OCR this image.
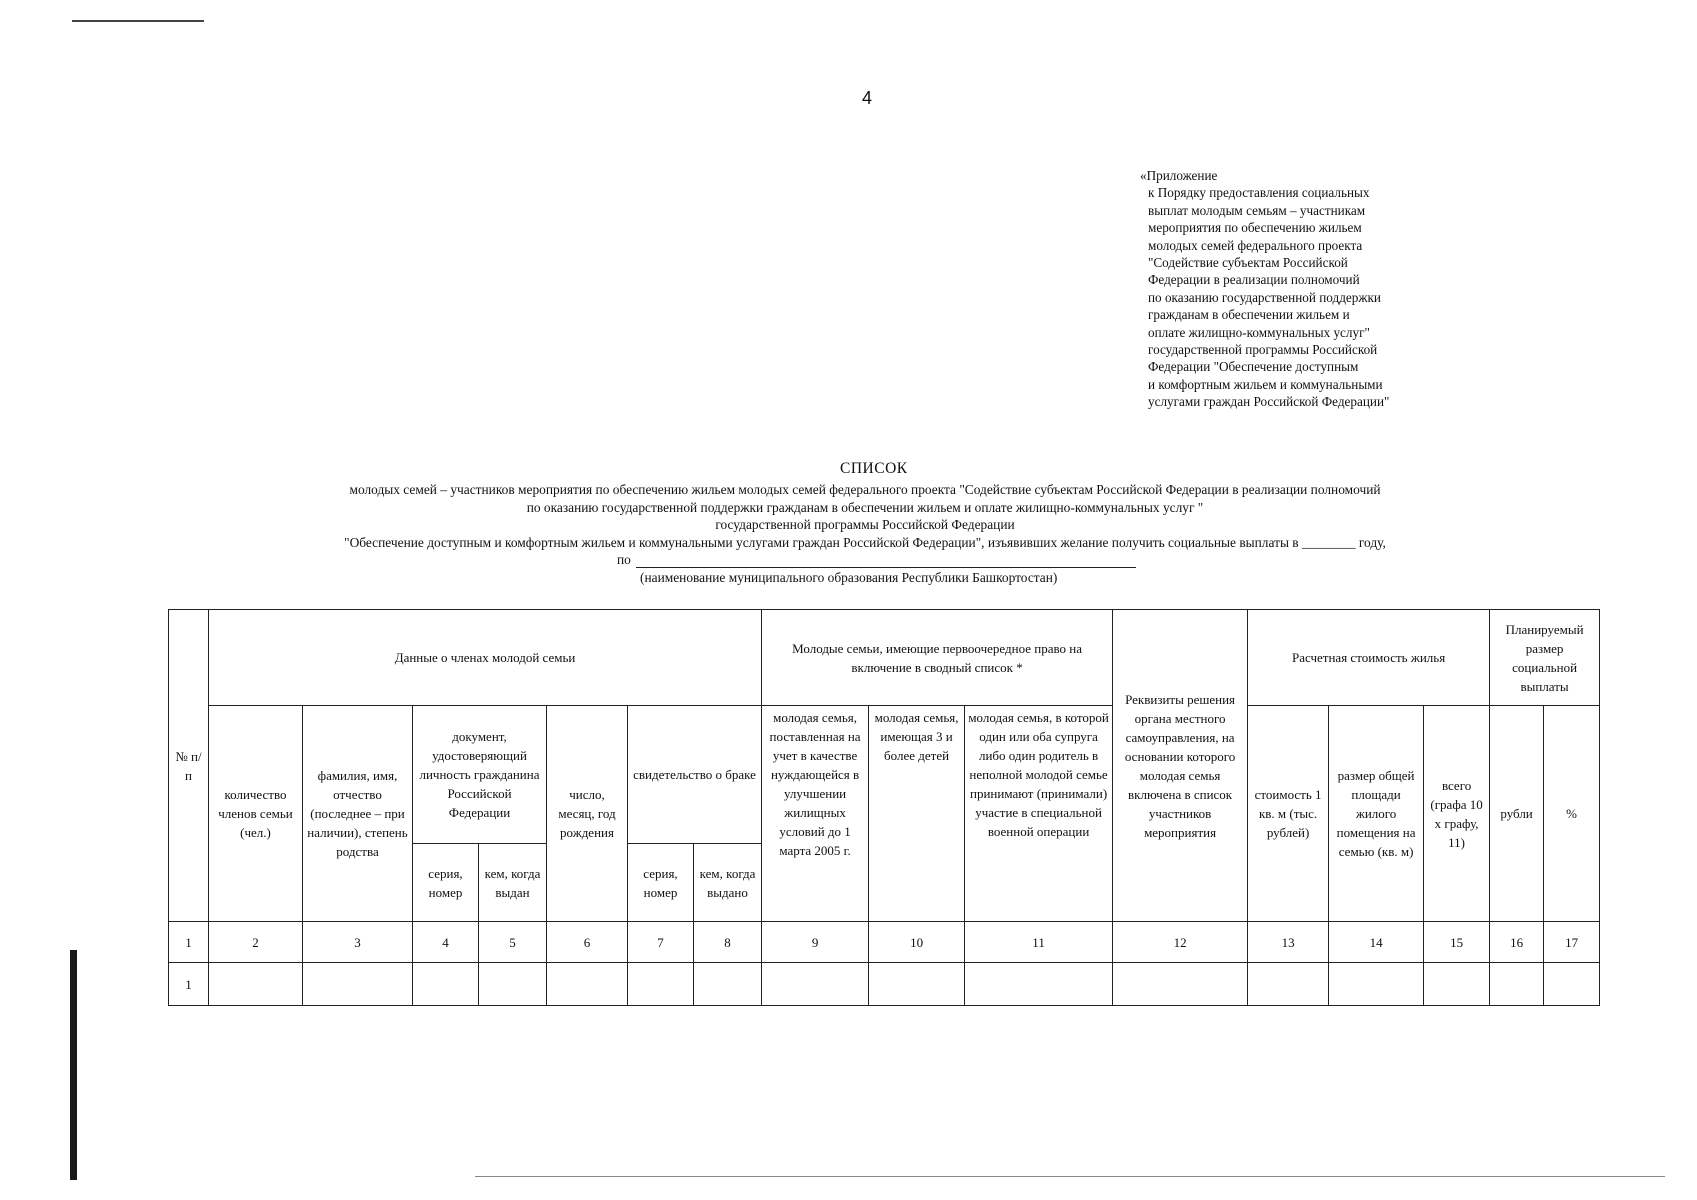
4
«Приложение
к Порядку предоставления социальных
выплат молодым семьям – участникам
мероприятия по обеспечению жильем
молодых семей федерального проекта
"Содействие субъектам Российской
Федерации в реализации полномочий
по оказанию государственной поддержки
гражданам в обеспечении жильем и
оплате жилищно-коммунальных услуг"
государственной программы Российской
Федерации "Обеспечение доступным
и комфортным жильем и коммунальными
услугами граждан Российской Федерации"
СПИСОК
молодых семей – участников мероприятия по обеспечению жильем молодых семей федерального проекта "Содействие субъектам Российской Федерации в реализации полномочий
по оказанию государственной поддержки гражданам в обеспечении жильем и оплате жилищно-коммунальных услуг "
государственной программы Российской Федерации
"Обеспечение доступным и комфортным жильем и коммунальными услугами граждан Российской Федерации", изъявивших желание получить социальные выплаты в ________ году,
по
(наименование муниципального образования Республики Башкортостан)
№ п/п	Данные о членах молодой семьи							Молодые семьи, имеющие первоочередное право на включение в сводный список *			Реквизиты решения органа местного самоуправления, на основании которого молодая семья включена в список участников мероприятия	Расчетная стоимость жилья			Планируемый размер социальной выплаты	
	количество членов семьи (чел.)	фамилия, имя, отчество (последнее – при наличии), степень родства	документ, удостоверяющий личность гражданина Российской Федерации		число, месяц, год рождения	свидетельство о браке		молодая семья, поставленная на учет в качестве нуждающейся в улучшении жилищных условий до 1 марта 2005 г.	молодая семья, имеющая 3 и более детей	молодая семья, в которой один или оба супруга либо один родитель в неполной молодой семье принимают (принимали) участие в специальной военной операции		стоимость 1 кв. м (тыс. рублей)	размер общей площади жилого помещения на семью (кв. м)	всего (графа 10 х графу, 11)	рубли	%
			серия, номер	кем, когда выдан		серия, номер	кем, когда выдано									
1	2	3	4	5	6	7	8	9	10	11	12	13	14	15	16	17
1																
